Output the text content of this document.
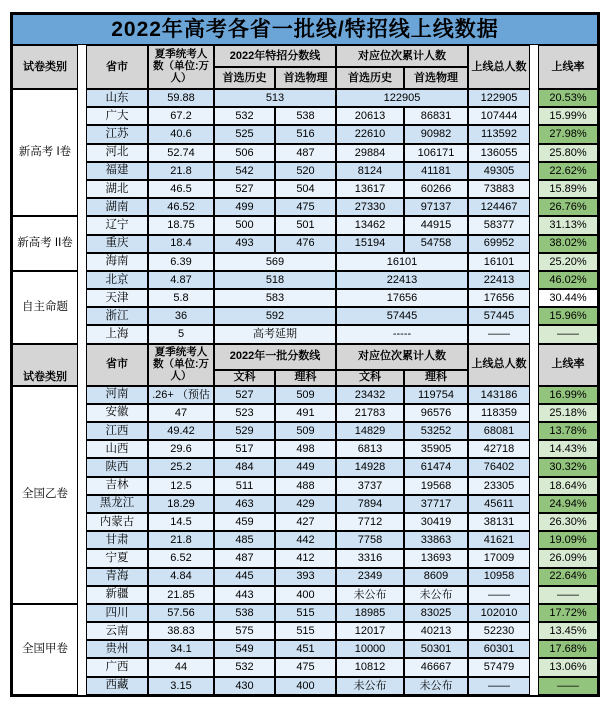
2022年高考各省一批线/特招线上线数据
试卷类别	省市
夏季统考人数（单位:万人）
2022年特招分数线	对应位次累计人数
首选历史	首选物理	首选历史	首选物理
上线总人数	上线率
新高考 I卷
山东	59.88	513	122905	122905	20.53%
广大	67.2	532	538	20613	86831	107444	15.99%
江苏	40.6	525	516	22610	90982	113592	27.98%
河北	52.74	506	487	29884	106171	136055	25.80%
福建	21.8	542	520	8124	41181	49305	22.62%
湖北	46.5	527	504	13617	60266	73883	15.89%
湖南	46.52	499	475	27330	97137	124467	26.76%
新高考 II卷
辽宁	18.75	500	501	13462	44915	58377	31.13%
重庆	18.4	493	476	15194	54758	69952	38.02%
海南	6.39	569	16101	16101	25.20%
自主命题
北京	4.87	518	22413	22413	46.02%
天津	5.8	583	17656	17656	30.44%
浙江	36	592	57445	57445	15.96%
上海	5	高考延期	-----	——	——
试卷类别
省市
夏季统考人数（单位:万人）
2022年一批分数线	对应位次累计人数
文科	理科	文科	理科
上线总人数	上线率
全国乙卷
河南	.26+ （预估	527	509	23432	119754	143186	16.99%
安徽	47	523	491	21783	96576	118359	25.18%
江西	49.42	529	509	14829	53252	68081	13.78%
山西	29.6	517	498	6813	35905	42718	14.43%
陕西	25.2	484	449	14928	61474	76402	30.32%
吉林	12.5	511	488	3737	19568	23305	18.64%
黑龙江	18.29	463	429	7894	37717	45611	24.94%
内蒙古	14.5	459	427	7712	30419	38131	26.30%
甘肃	21.8	485	442	7758	33863	41621	19.09%
宁夏	6.52	487	412	3316	13693	17009	26.09%
青海	4.84	445	393	2349	8609	10958	22.64%
新疆	21.85	443	400	未公布	未公布	——	——
全国甲卷
四川	57.56	538	515	18985	83025	102010	17.72%
云南	38.83	575	515	12017	40213	52230	13.45%
贵州	34.1	549	451	10000	50301	60301	17.68%
广西	44	532	475	10812	46667	57479	13.06%
西藏	3.15	430	400	未公布	未公布	——	——
